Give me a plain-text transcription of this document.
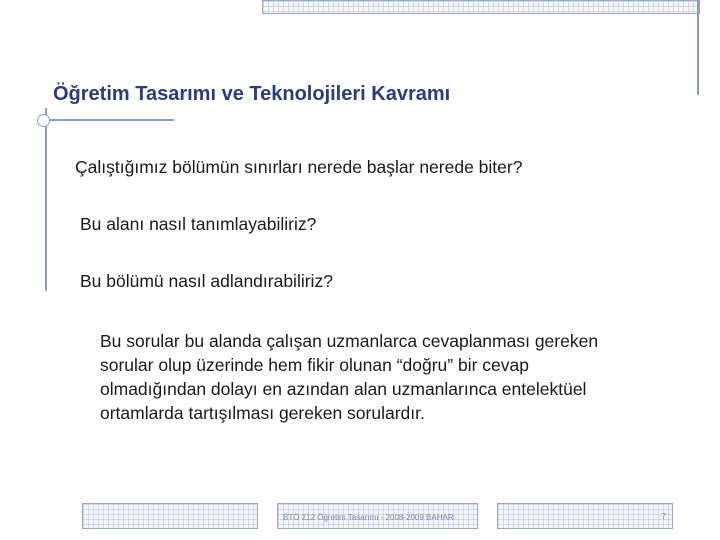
Öğretim Tasarımı ve Teknolojileri Kavramı
Çalıştığımız bölümün sınırları nerede başlar nerede biter?
Bu alanı nasıl tanımlayabiliriz?
Bu bölümü nasıl adlandırabiliriz?
Bu sorular bu alanda çalışan uzmanlarca cevaplanması gereken
sorular olup üzerinde hem fikir olunan “doğru” bir cevap
olmadığından dolayı en azından alan uzmanlarınca entelektüel
ortamlarda tartışılması gereken sorulardır.
BTÖ 212 Öğretim Tasarımı - 2008-2009 BAHAR	7
